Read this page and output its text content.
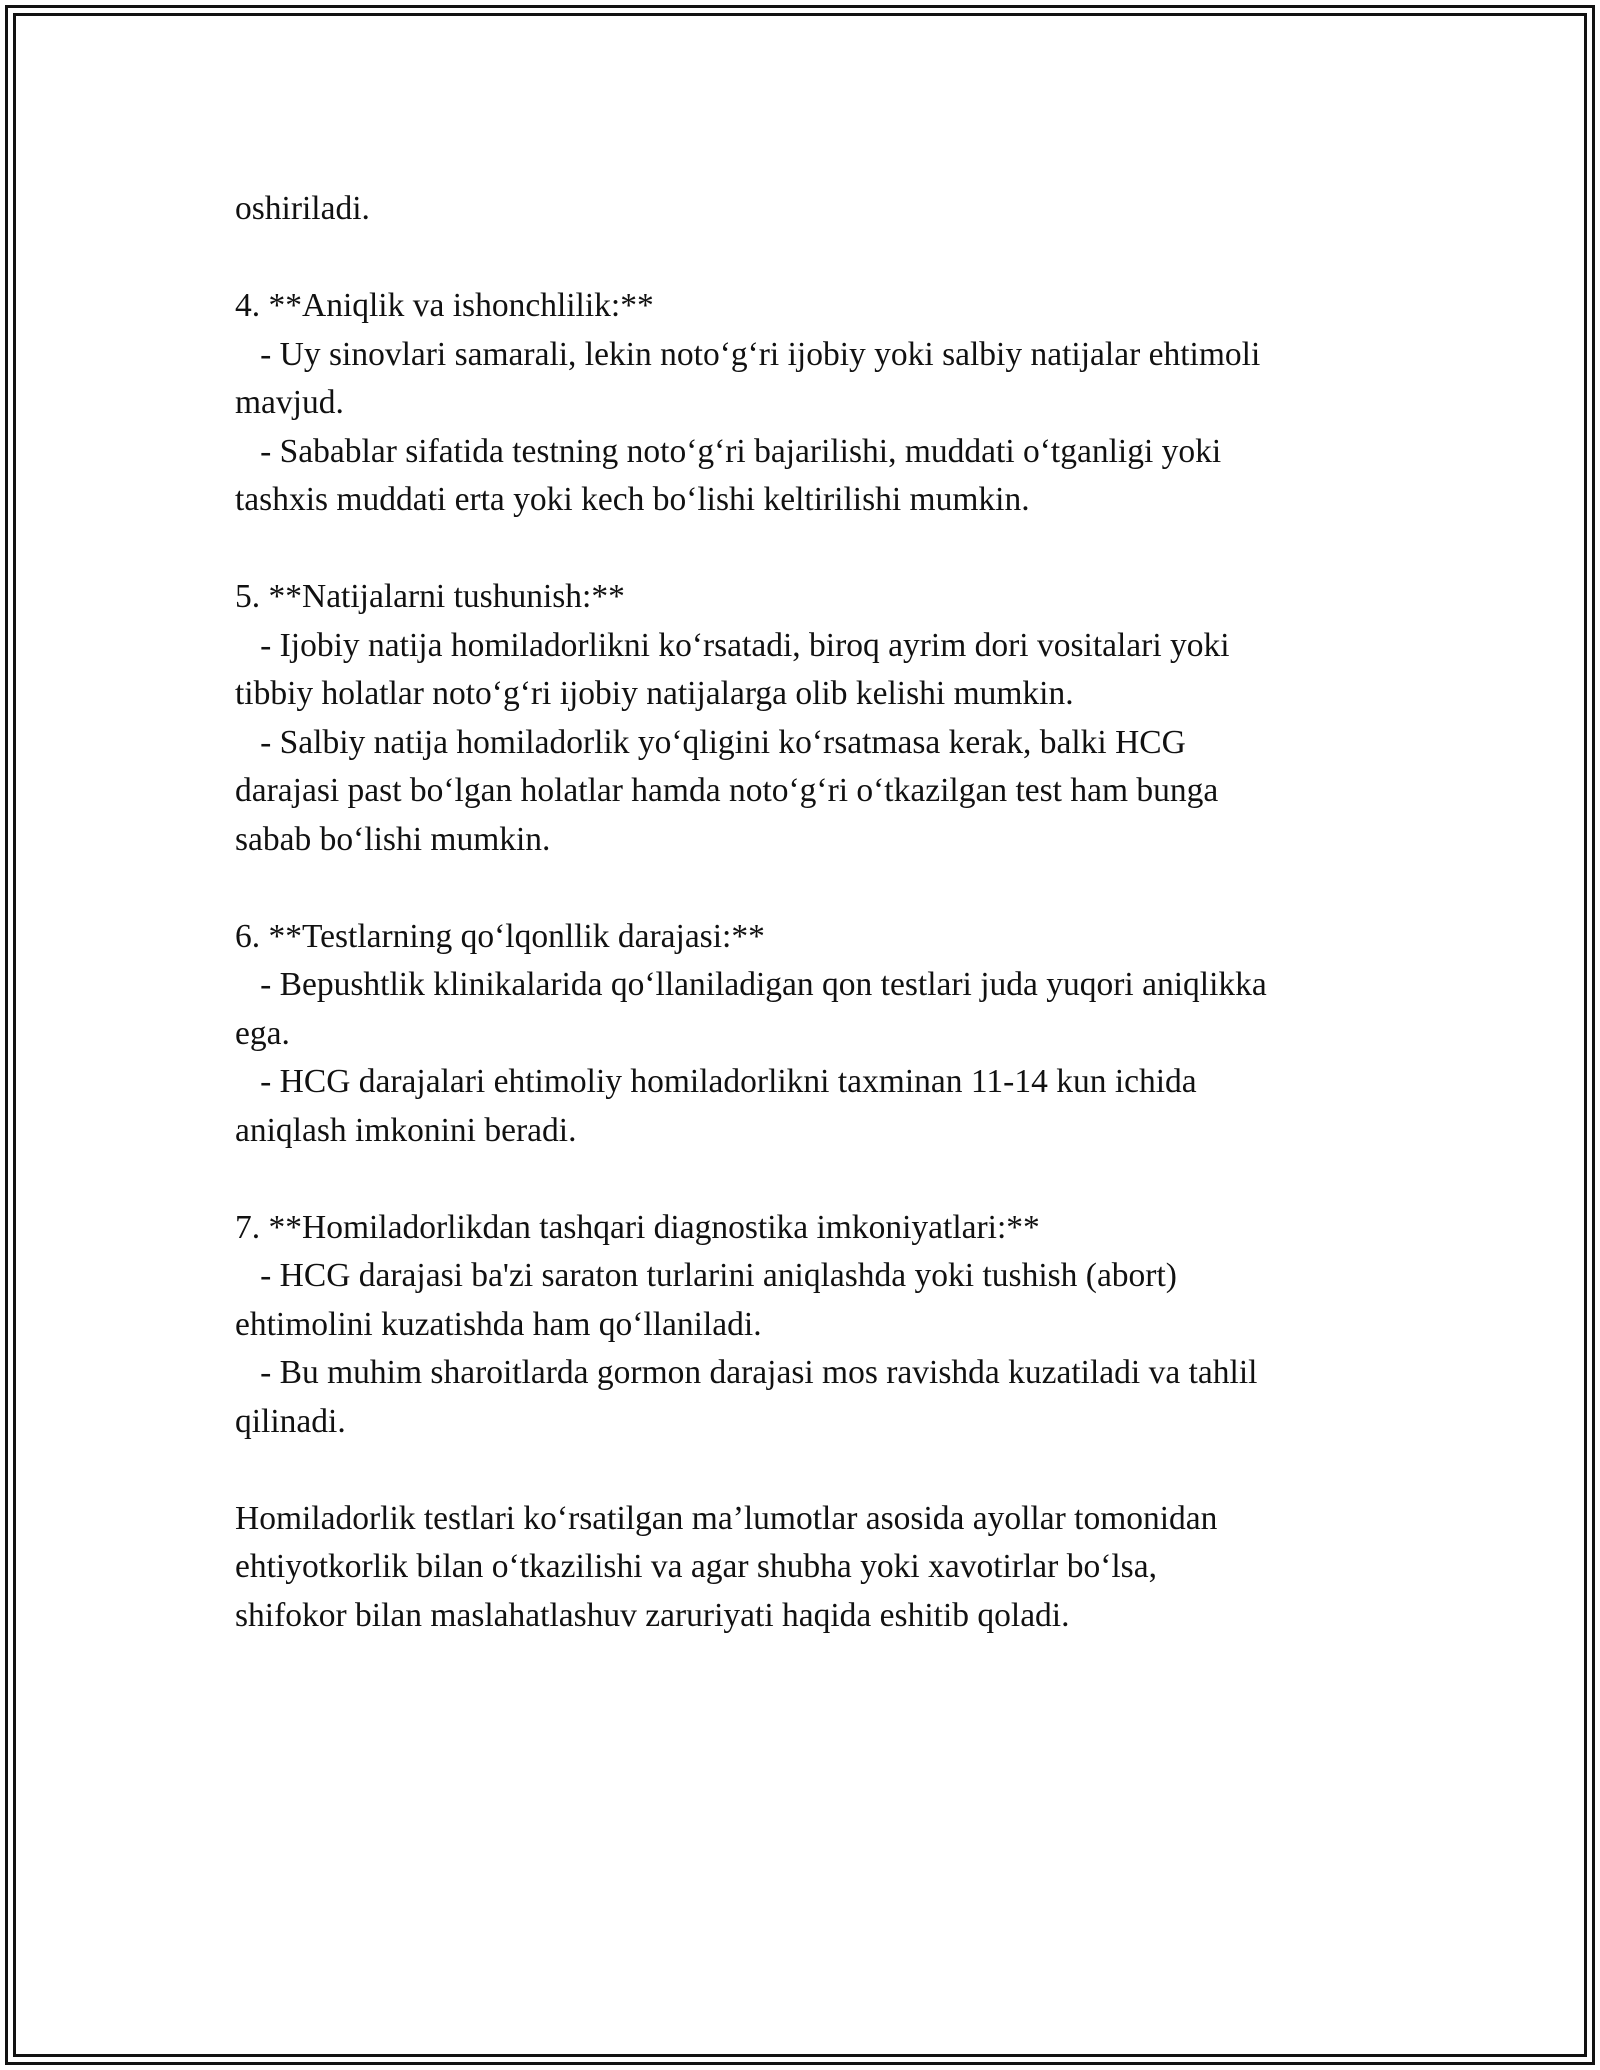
oshiriladi.
4. **Aniqlik va ishonchlilik:**
- Uy sinovlari samarali, lekin noto‘g‘ri ijobiy yoki salbiy natijalar ehtimoli
mavjud.
- Sabablar sifatida testning noto‘g‘ri bajarilishi, muddati o‘tganligi yoki
tashxis muddati erta yoki kech bo‘lishi keltirilishi mumkin.
5. **Natijalarni tushunish:**
- Ijobiy natija homiladorlikni ko‘rsatadi, biroq ayrim dori vositalari yoki
tibbiy holatlar noto‘g‘ri ijobiy natijalarga olib kelishi mumkin.
- Salbiy natija homiladorlik yo‘qligini ko‘rsatmasa kerak, balki HCG
darajasi past bo‘lgan holatlar hamda noto‘g‘ri o‘tkazilgan test ham bunga
sabab bo‘lishi mumkin.
6. **Testlarning qo‘lqonllik darajasi:**
- Bepushtlik klinikalarida qo‘llaniladigan qon testlari juda yuqori aniqlikka
ega.
- HCG darajalari ehtimoliy homiladorlikni taxminan 11-14 kun ichida
aniqlash imkonini beradi.
7. **Homiladorlikdan tashqari diagnostika imkoniyatlari:**
- HCG darajasi ba'zi saraton turlarini aniqlashda yoki tushish (abort)
ehtimolini kuzatishda ham qo‘llaniladi.
- Bu muhim sharoitlarda gormon darajasi mos ravishda kuzatiladi va tahlil
qilinadi.
Homiladorlik testlari ko‘rsatilgan ma’lumotlar asosida ayollar tomonidan
ehtiyotkorlik bilan o‘tkazilishi va agar shubha yoki xavotirlar bo‘lsa,
shifokor bilan maslahatlashuv zaruriyati haqida eshitib qoladi.
